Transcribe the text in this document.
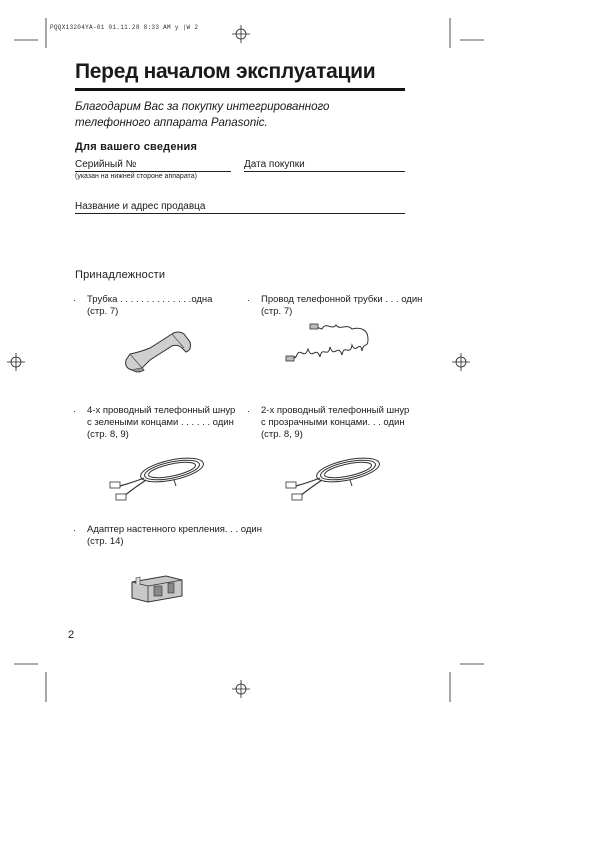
PQQX13204YA-01 01.11.28 8:33 AM y |W 2
Перед началом эксплуатации
Благодарим Вас за покупку интегрированного
телефонного аппарата Panasonic.
Для вашего сведения
Серийный №
(указан на нижней стороне аппарата)
Дата покупки
Название и адрес продавца
Принадлежности
·	Трубка . . . . . . . . . . . . . .одна
(стр. 7)
·	Провод телефонной трубки . . . один
(стр. 7)
·	4-х проводный телефонный шнур
с зелеными концами . . . . . . один
(стр. 8, 9)
·	2-х проводный телефонный шнур
с прозрачными концами. . . один
(стр. 8, 9)
·	Адаптер настенного крепления. . . один
(стр. 14)
2
